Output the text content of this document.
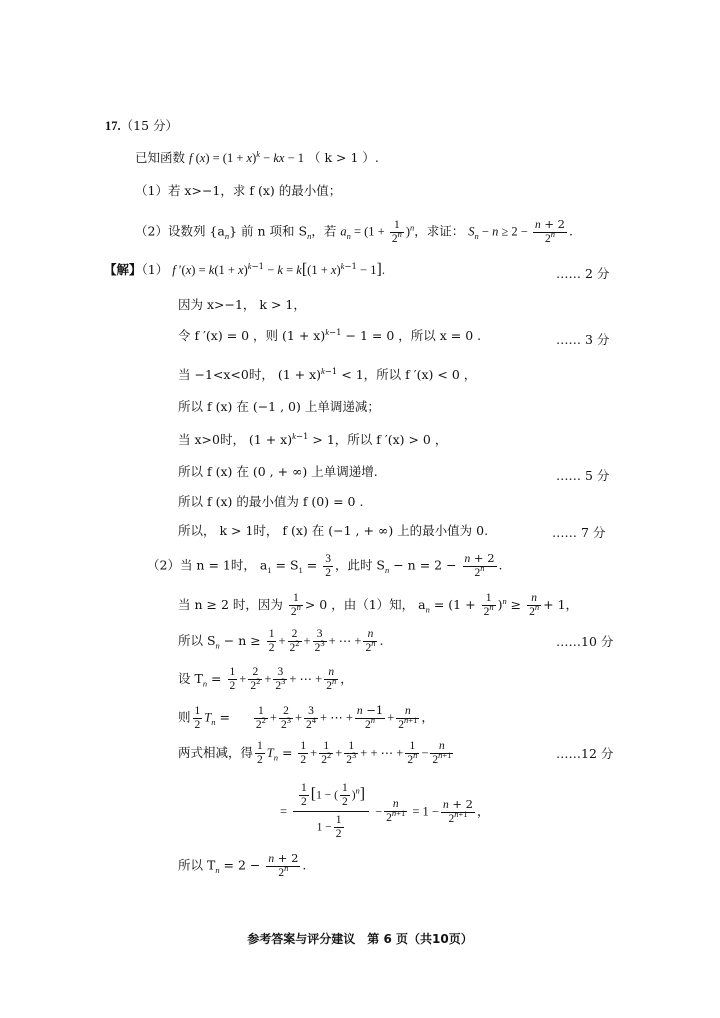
17.（15 分）
已知函数 f $(x) = (1 + x)^k$ − kx − 1 （ k > 1 ）.
（1）若 x>−1，求 f (x) 的最小值；
（2）设数列 $\{a_n\}$ 前 n 项和 $S_n$，若 $a_n = (1 + \frac{1}{2^n} )^n$，求证： $S_n - n \ge 2 - \frac{n + 2}{2^n}$ .
【解】（1） f $'(x) = k(1 + x)^{k-1} - k = k[(1 + x)^{k-1} - 1]$.	…… 2 分
因为 x>−1， k > 1，
令 f ′(x) = 0 ，则 $(1 + x)^{k-1} - 1 = 0$ ，所以 x = 0 .	…… 3 分
当 −1<x<0时， $(1 + x)^{k-1} < 1$，所以 f ′(x) < 0 ，
所以 f (x) 在 (−1 , 0) 上单调递减；
当 x>0时， $(1 + x)^{k-1} > 1$，所以 f ′(x) > 0 ，
所以 f (x) 在 (0 , + ∞) 上单调递增.	…… 5 分
所以 f (x) 的最小值为 f (0) = 0 .
所以， k > 1时， f (x) 在 (−1 , + ∞) 上的最小值为 0.	…… 7 分
（2）当 n = 1时， $a_1 = S_1 = \frac{3}{2}$ ，此时 $S_n - n = 2 - \frac{n + 2}{2^n}$ .
当 n ≥ 2 时，因为 $\frac{1}{2^n} > 0$ ，由（1）知， $a_n = (1 + \frac{1}{2^n} )^n \ge \frac{n}{2^n} + 1$，
所以 $S_n - n \ge \frac{1}{2} + \frac{2}{2^2} + \frac{3}{2^3}$ + ⋯ + $\frac{n}{2^n}$ .	……10 分
设 $T_n = \frac{1}{2} + \frac{2}{2^2} + \frac{3}{2^3}$ + ⋯ + $\frac{n}{2^n}$ ，
则 $\frac{1}{2} T_n = \frac{1}{2^2} + \frac{2}{2^3} + \frac{3}{2^4}$ + ⋯ + $\frac{n -1}{2^n} + \frac{n}{2^{n+1}}$ ，
两式相减，得 $\frac{1}{2} T_n = \frac{1}{2} + \frac{1}{2^2} + \frac{1}{2^3}$ + + ⋯ + $\frac{1}{2^n} - \frac{n}{2^{n+1}}$	……12 分
= $\frac{\frac{1}{2} [1 - ( \frac{1}{2} )^n]}{1 - \frac{1}{2}} - \frac{n}{2^{n+1}} = 1 - \frac{n + 2}{2^{n+1}}$ ，
所以 $T_n = 2 - \frac{n + 2}{2^n}$ .
参考答案与评分建议　第 6 页（共10页）
